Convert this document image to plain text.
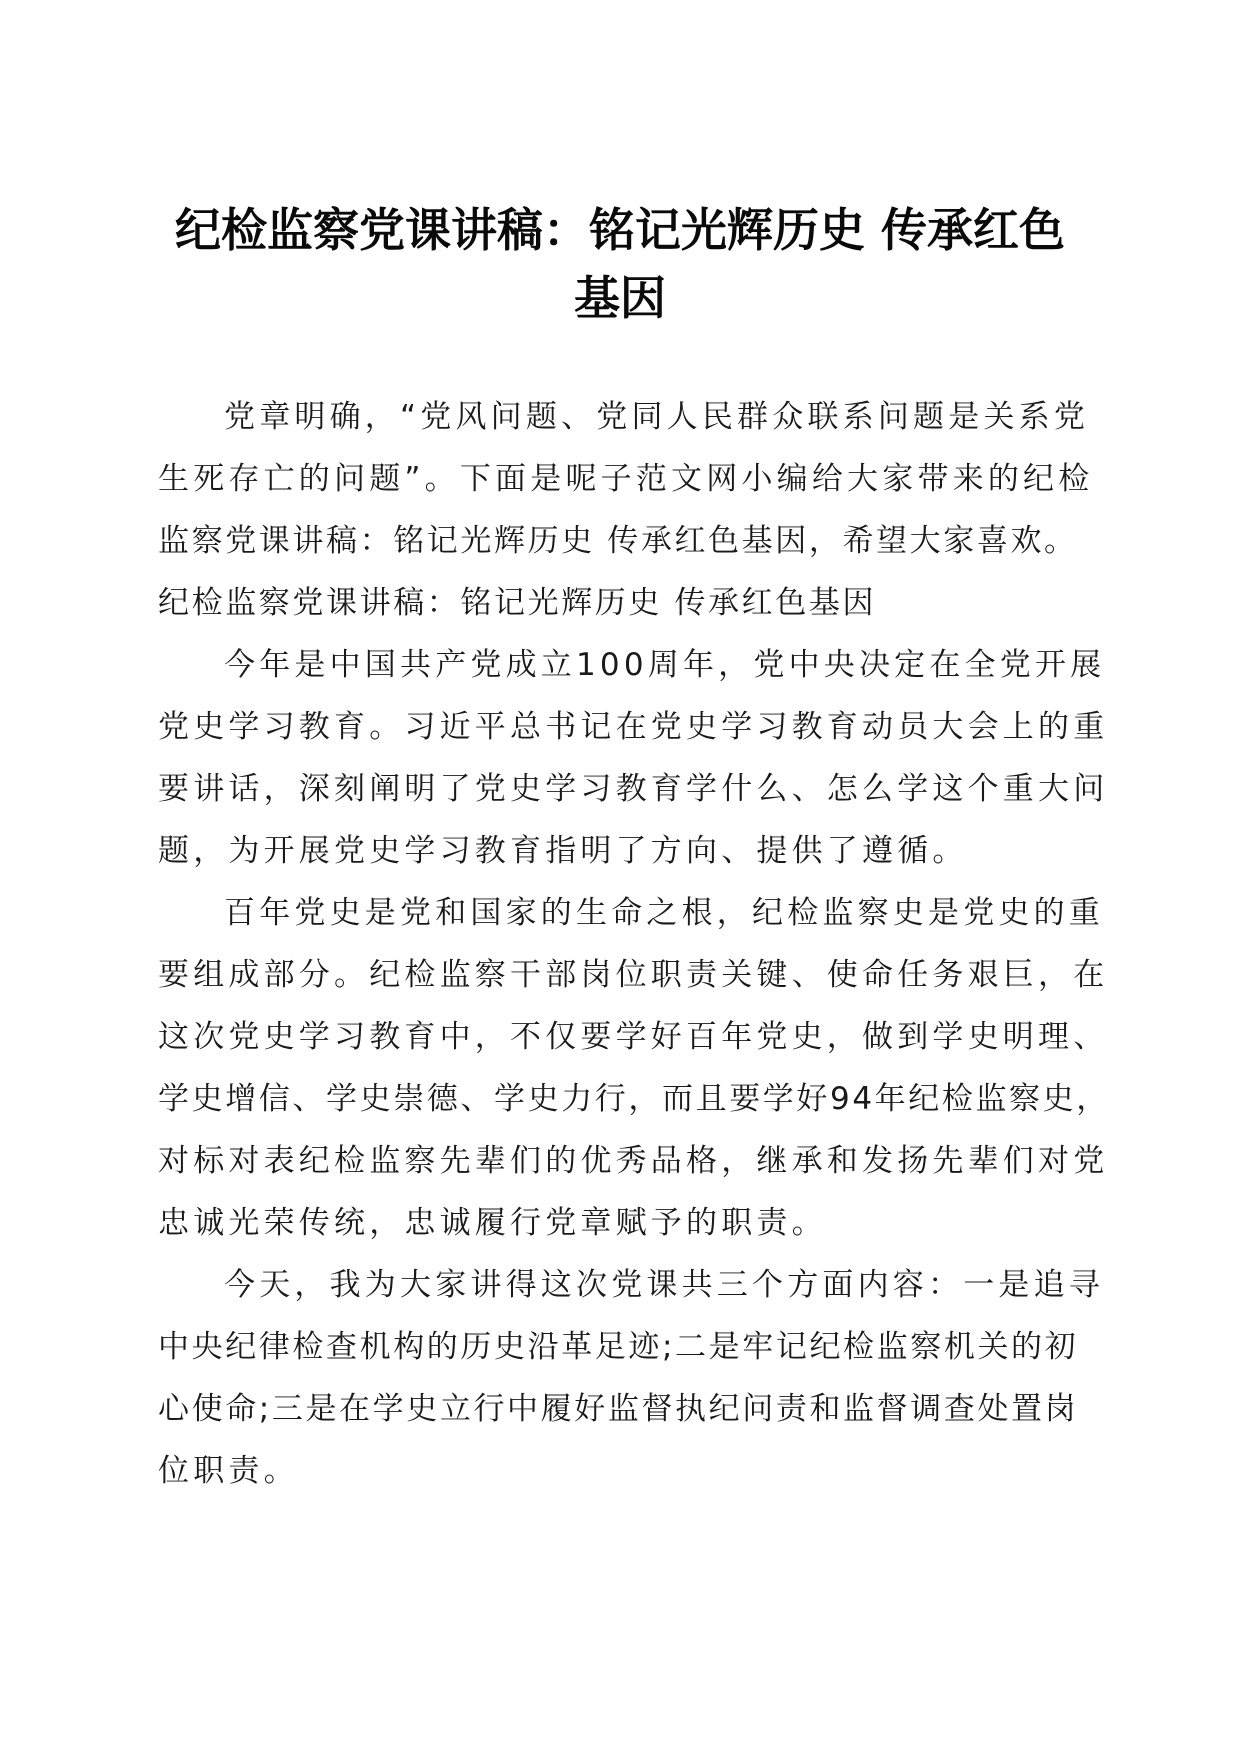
纪检监察党课讲稿：铭记光辉历史 传承红色
基因

党章明确，“党风问题、党同人民群众联系问题是关系党
生死存亡的问题”。下面是呢子范文网小编给大家带来的纪检
监察党课讲稿：铭记光辉历史 传承红色基因，希望大家喜欢。

纪检监察党课讲稿：铭记光辉历史 传承红色基因

今年是中国共产党成立100周年，党中央决定在全党开展
党史学习教育。习近平总书记在党史学习教育动员大会上的重
要讲话，深刻阐明了党史学习教育学什么、怎么学这个重大问
题，为开展党史学习教育指明了方向、提供了遵循。

百年党史是党和国家的生命之根，纪检监察史是党史的重
要组成部分。纪检监察干部岗位职责关键、使命任务艰巨，在
这次党史学习教育中，不仅要学好百年党史，做到学史明理、
学史增信、学史崇德、学史力行，而且要学好94年纪检监察史，
对标对表纪检监察先辈们的优秀品格，继承和发扬先辈们对党
忠诚光荣传统，忠诚履行党章赋予的职责。

今天，我为大家讲得这次党课共三个方面内容：一是追寻
中央纪律检查机构的历史沿革足迹;二是牢记纪检监察机关的初
心使命;三是在学史立行中履好监督执纪问责和监督调查处置岗
位职责。
